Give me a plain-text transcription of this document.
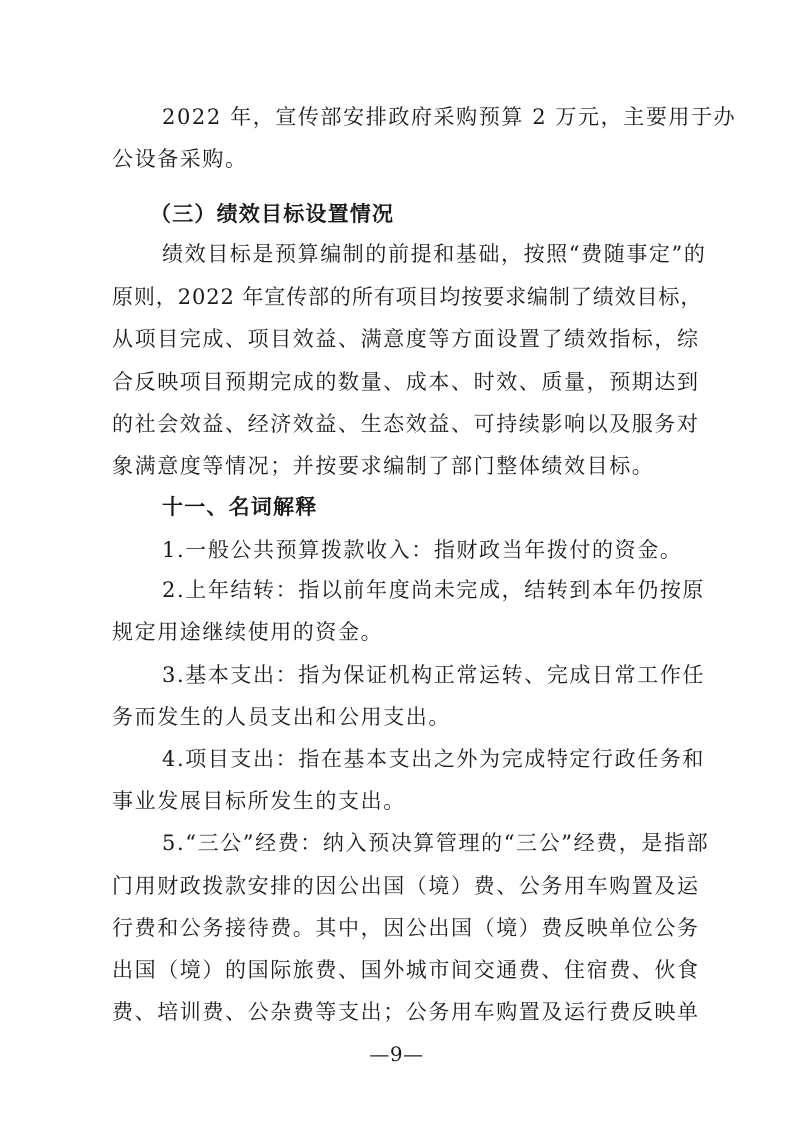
2022 年，宣传部安排政府采购预算 2 万元，主要用于办
公设备采购。
（三）绩效目标设置情况
绩效目标是预算编制的前提和基础，按照“费随事定”的
原则，2022 年宣传部的所有项目均按要求编制了绩效目标，
从项目完成、项目效益、满意度等方面设置了绩效指标，综
合反映项目预期完成的数量、成本、时效、质量，预期达到
的社会效益、经济效益、生态效益、可持续影响以及服务对
象满意度等情况；并按要求编制了部门整体绩效目标。
十一、名词解释
1.一般公共预算拨款收入：指财政当年拨付的资金。
2.上年结转：指以前年度尚未完成，结转到本年仍按原
规定用途继续使用的资金。
3.基本支出：指为保证机构正常运转、完成日常工作任
务而发生的人员支出和公用支出。
4.项目支出：指在基本支出之外为完成特定行政任务和
事业发展目标所发生的支出。
5.“三公”经费：纳入预决算管理的“三公”经费，是指部
门用财政拨款安排的因公出国（境）费、公务用车购置及运
行费和公务接待费。其中，因公出国（境）费反映单位公务
出国（境）的国际旅费、国外城市间交通费、住宿费、伙食
费、培训费、公杂费等支出；公务用车购置及运行费反映单
—9—
